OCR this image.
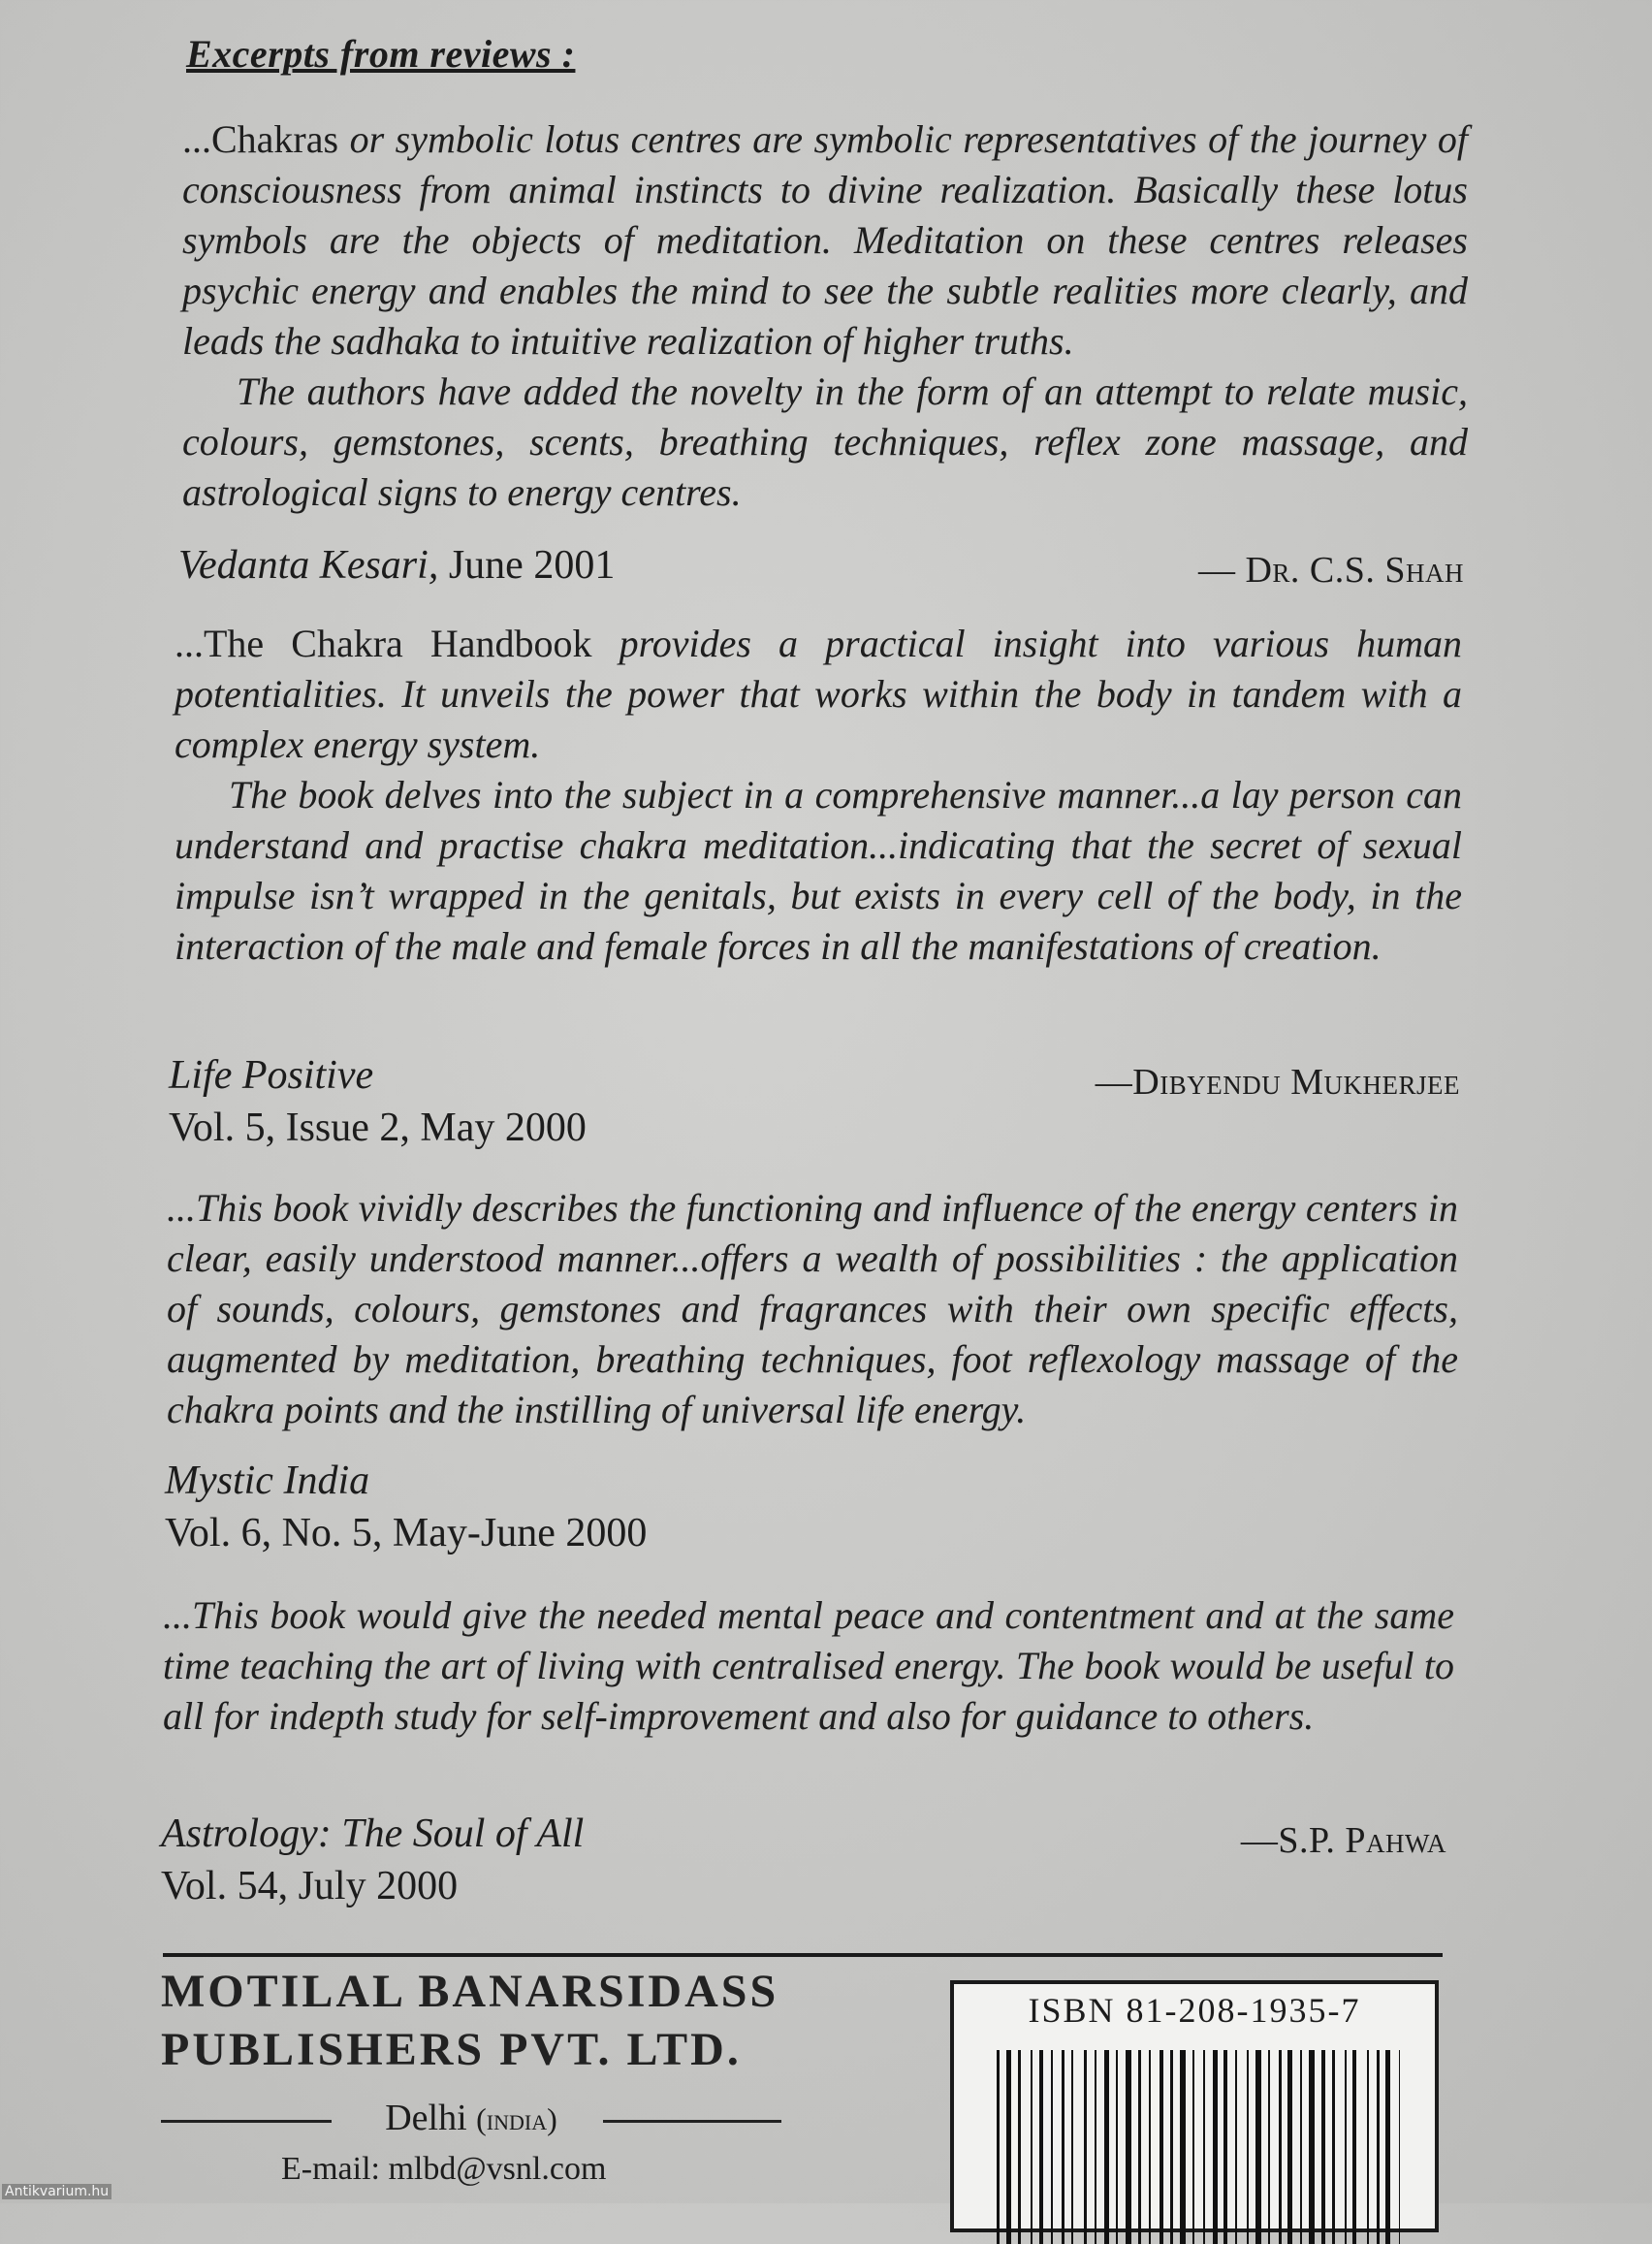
Excerpts from reviews :

...Chakras or symbolic lotus centres are symbolic representatives of the journey of consciousness from animal instincts to divine realization. Basically these lotus symbols are the objects of meditation. Meditation on these centres releases psychic energy and enables the mind to see the subtle realities more clearly, and leads the sadhaka to intuitive realization of higher truths.

The authors have added the novelty in the form of an attempt to relate music, colours, gemstones, scents, breathing techniques, reflex zone massage, and astrological signs to energy centres.

Vedanta Kesari, June 2001	— Dr. C.S. Shah

...The Chakra Handbook provides a practical insight into various human potentialities. It unveils the power that works within the body in tandem with a complex energy system.

The book delves into the subject in a comprehensive manner...a lay person can understand and practise chakra meditation...indicating that the secret of sexual impulse isn’t wrapped in the genitals, but exists in every cell of the body, in the interaction of the male and female forces in all the manifestations of creation.

Life Positive
Vol. 5, Issue 2, May 2000
—Dibyendu Mukherjee

...This book vividly describes the functioning and influence of the energy centers in clear, easily understood manner...offers a wealth of possibilities : the application of sounds, colours, gemstones and fragrances with their own specific effects, augmented by meditation, breathing techniques, foot reflexology massage of the chakra points and the instilling of universal life energy.

Mystic India
Vol. 6, No. 5, May-June 2000

...This book would give the needed mental peace and contentment and at the same time teaching the art of living with centralised energy. The book would be useful to all for indepth study for self-improvement and also for guidance to others.

Astrology: The Soul of All
Vol. 54, July 2000
—S.P. Pahwa
MOTILAL BANARSIDASS
PUBLISHERS PVT. LTD.
Delhi (india)
E-mail: mlbd@vsnl.com
ISBN 81-208-1935-7
Antikvarium.hu
